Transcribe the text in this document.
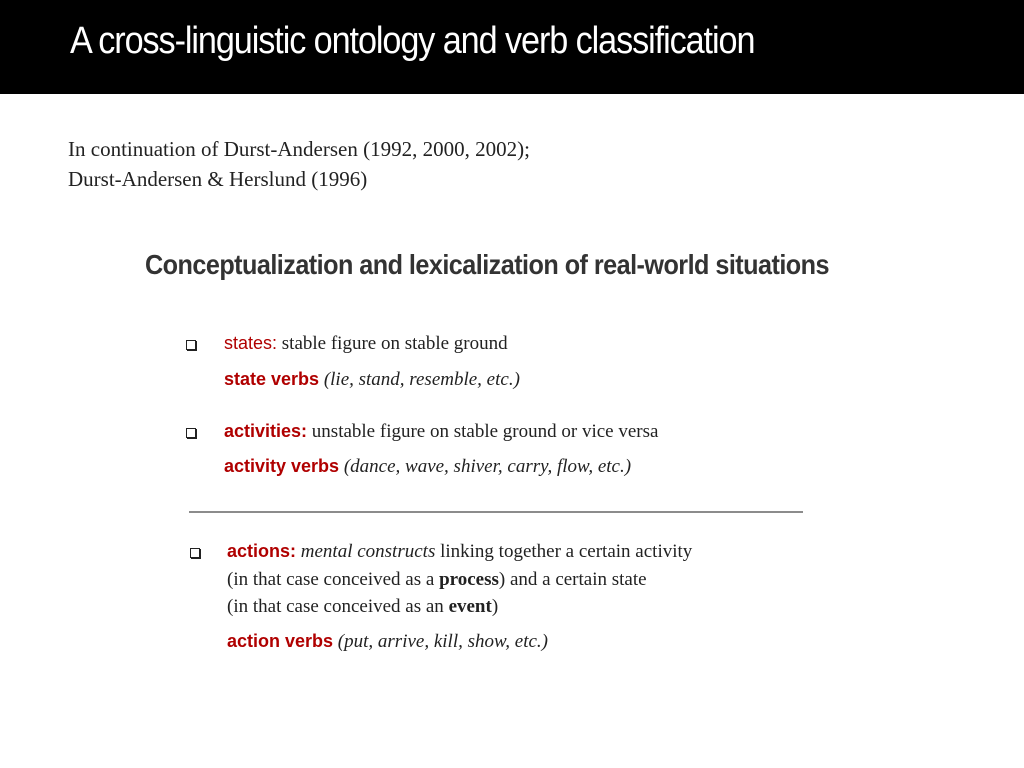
A cross-linguistic ontology and verb classification
In continuation of Durst-Andersen (1992, 2000, 2002);
Durst-Andersen & Herslund (1996)
Conceptualization and lexicalization of real-world situations
states: stable figure on stable ground
state verbs (lie, stand, resemble, etc.)
activities: unstable figure on stable ground or vice versa
activity verbs (dance, wave, shiver, carry, flow, etc.)
actions: mental constructs linking together a certain activity
(in that case conceived as a process) and a certain state
(in that case conceived as an event)
action verbs (put, arrive, kill, show, etc.)
